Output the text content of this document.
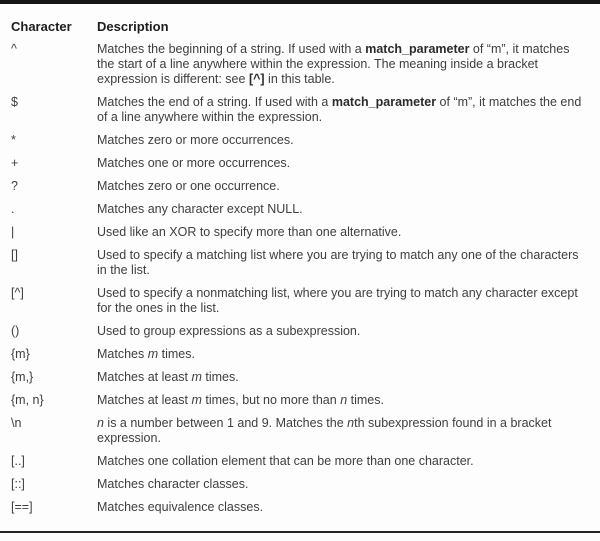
Character	Description
^	Matches the beginning of a string. If used with a match_parameter of “m”, it matches the start of a line anywhere within the expression. The meaning inside a bracket expression is different: see [^] in this table.
$	Matches the end of a string. If used with a match_parameter of “m”, it matches the end of a line anywhere within the expression.
*	Matches zero or more occurrences.
+	Matches one or more occurrences.
?	Matches zero or one occurrence.
.	Matches any character except NULL.
|	Used like an XOR to specify more than one alternative.
[]	Used to specify a matching list where you are trying to match any one of the characters in the list.
[^]	Used to specify a nonmatching list, where you are trying to match any character except for the ones in the list.
()	Used to group expressions as a subexpression.
{m}	Matches m times.
{m,}	Matches at least m times.
{m, n}	Matches at least m times, but no more than n times.
\n	n is a number between 1 and 9. Matches the nth subexpression found in a bracket expression.
[..]	Matches one collation element that can be more than one character.
[::]	Matches character classes.
[==]	Matches equivalence classes.
